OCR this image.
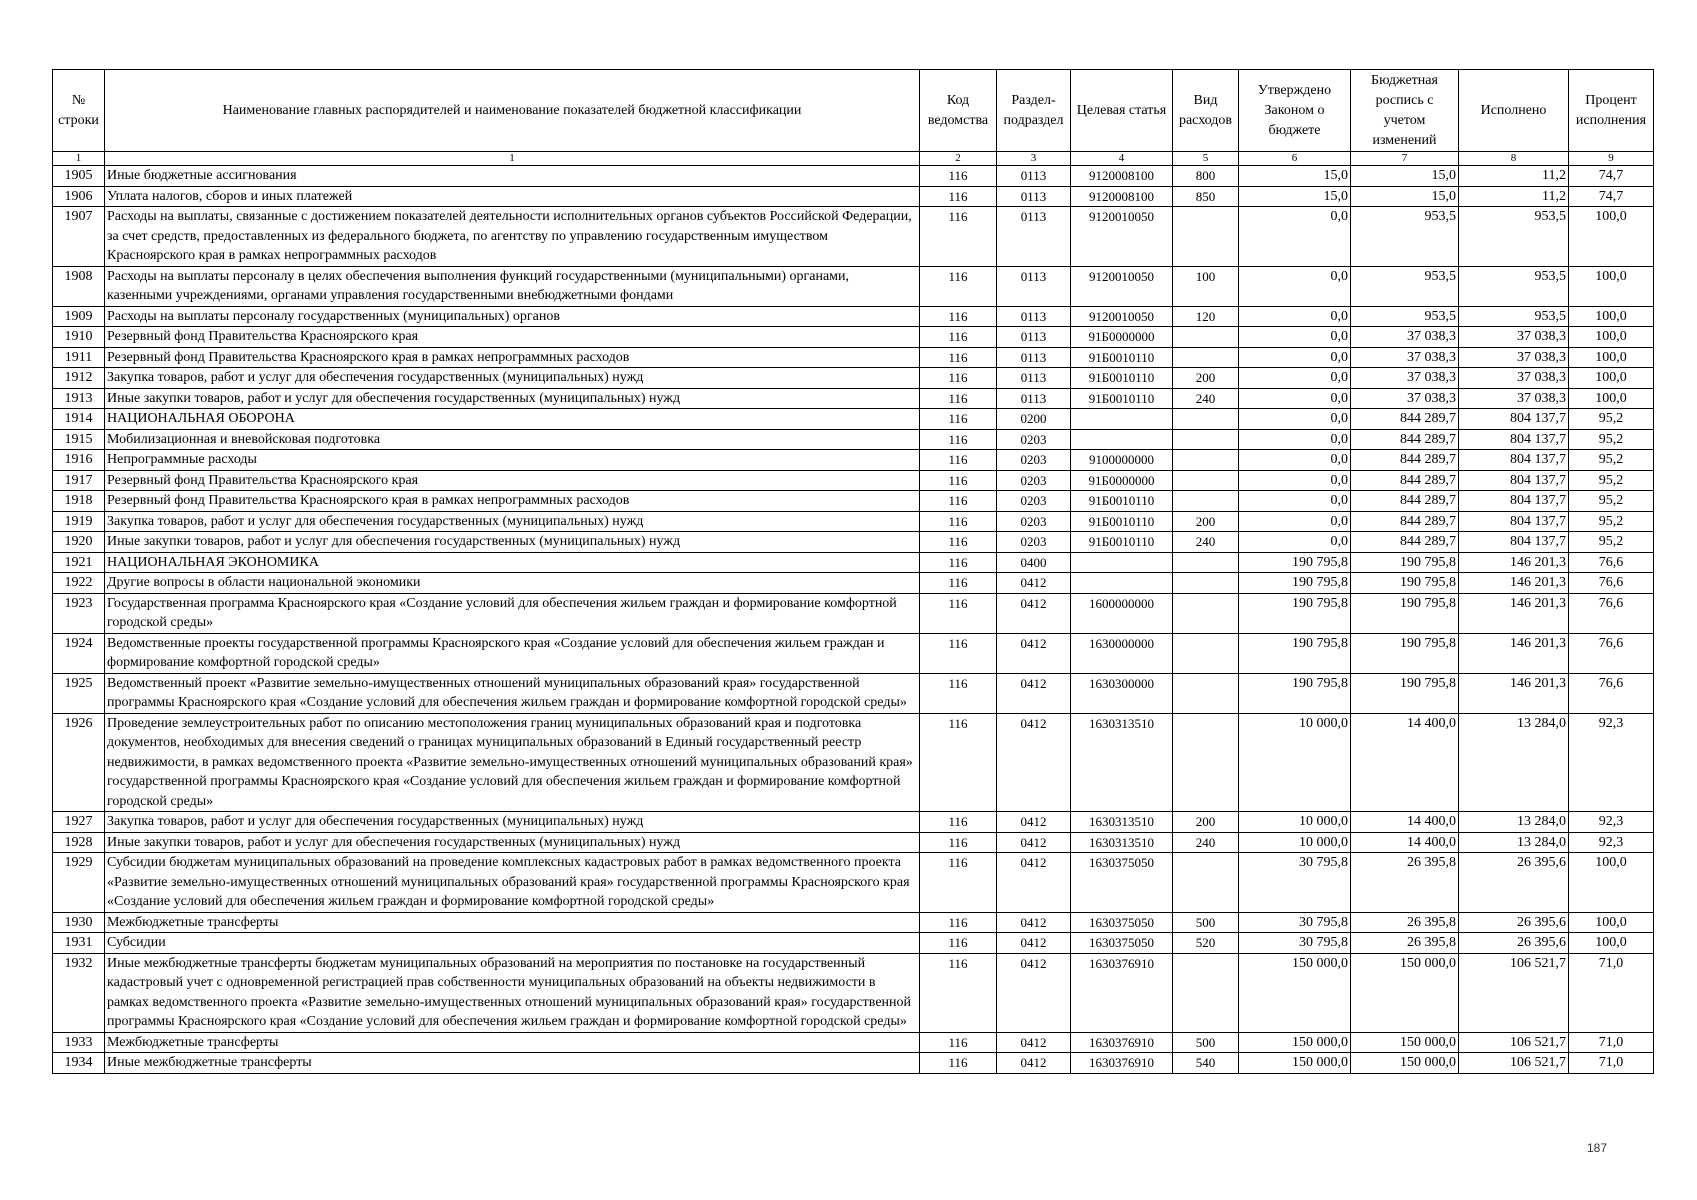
№ строки	Наименование главных распорядителей и наименование показателей бюджетной классификации	Код ведомства	Раздел-подраздел	Целевая статья	Вид расходов	Утверждено Законом о бюджете	Бюджетная роспись с учетом изменений	Исполнено	Процент исполнения
1	1	2	3	4	5	6	7	8	9
1905	Иные бюджетные ассигнования	116	0113	9120008100	800	15,0	15,0	11,2	74,7
1906	Уплата налогов, сборов и иных платежей	116	0113	9120008100	850	15,0	15,0	11,2	74,7
1907	Расходы на выплаты, связанные с достижением показателей деятельности исполнительных органов субъектов Российской Федерации, за счет средств, предоставленных из федерального бюджета, по агентству по управлению государственным имуществом Красноярского края в рамках непрограммных расходов	116	0113	9120010050		0,0	953,5	953,5	100,0
1908	Расходы на выплаты персоналу в целях обеспечения выполнения функций государственными (муниципальными) органами, казенными учреждениями, органами управления государственными внебюджетными фондами	116	0113	9120010050	100	0,0	953,5	953,5	100,0
1909	Расходы на выплаты персоналу государственных (муниципальных) органов	116	0113	9120010050	120	0,0	953,5	953,5	100,0
1910	Резервный фонд Правительства Красноярского края	116	0113	91Б0000000		0,0	37 038,3	37 038,3	100,0
1911	Резервный фонд Правительства Красноярского края в рамках непрограммных расходов	116	0113	91Б0010110		0,0	37 038,3	37 038,3	100,0
1912	Закупка товаров, работ и услуг для обеспечения государственных (муниципальных) нужд	116	0113	91Б0010110	200	0,0	37 038,3	37 038,3	100,0
1913	Иные закупки товаров, работ и услуг для обеспечения государственных (муниципальных) нужд	116	0113	91Б0010110	240	0,0	37 038,3	37 038,3	100,0
1914	НАЦИОНАЛЬНАЯ ОБОРОНА	116	0200			0,0	844 289,7	804 137,7	95,2
1915	Мобилизационная и вневойсковая подготовка	116	0203			0,0	844 289,7	804 137,7	95,2
1916	Непрограммные расходы	116	0203	9100000000		0,0	844 289,7	804 137,7	95,2
1917	Резервный фонд Правительства Красноярского края	116	0203	91Б0000000		0,0	844 289,7	804 137,7	95,2
1918	Резервный фонд Правительства Красноярского края в рамках непрограммных расходов	116	0203	91Б0010110		0,0	844 289,7	804 137,7	95,2
1919	Закупка товаров, работ и услуг для обеспечения государственных (муниципальных) нужд	116	0203	91Б0010110	200	0,0	844 289,7	804 137,7	95,2
1920	Иные закупки товаров, работ и услуг для обеспечения государственных (муниципальных) нужд	116	0203	91Б0010110	240	0,0	844 289,7	804 137,7	95,2
1921	НАЦИОНАЛЬНАЯ ЭКОНОМИКА	116	0400			190 795,8	190 795,8	146 201,3	76,6
1922	Другие вопросы в области национальной экономики	116	0412			190 795,8	190 795,8	146 201,3	76,6
1923	Государственная программа Красноярского края «Создание условий для обеспечения жильем граждан и формирование комфортной городской среды»	116	0412	1600000000		190 795,8	190 795,8	146 201,3	76,6
1924	Ведомственные проекты государственной программы Красноярского края «Создание условий для обеспечения жильем граждан и формирование комфортной городской среды»	116	0412	1630000000		190 795,8	190 795,8	146 201,3	76,6
1925	Ведомственный проект «Развитие земельно-имущественных отношений муниципальных образований края» государственной программы Красноярского края «Создание условий для обеспечения жильем граждан и формирование комфортной городской среды»	116	0412	1630300000		190 795,8	190 795,8	146 201,3	76,6
1926	Проведение землеустроительных работ по описанию местоположения границ муниципальных образований края и подготовка документов, необходимых для внесения сведений о границах муниципальных образований в Единый государственный реестр недвижимости, в рамках ведомственного проекта «Развитие земельно-имущественных отношений муниципальных образований края» государственной программы Красноярского края «Создание условий для обеспечения жильем граждан и формирование комфортной городской среды»	116	0412	1630313510		10 000,0	14 400,0	13 284,0	92,3
1927	Закупка товаров, работ и услуг для обеспечения государственных (муниципальных) нужд	116	0412	1630313510	200	10 000,0	14 400,0	13 284,0	92,3
1928	Иные закупки товаров, работ и услуг для обеспечения государственных (муниципальных) нужд	116	0412	1630313510	240	10 000,0	14 400,0	13 284,0	92,3
1929	Субсидии бюджетам муниципальных образований на проведение комплексных кадастровых работ в рамках ведомственного проекта «Развитие земельно-имущественных отношений муниципальных образований края» государственной программы Красноярского края «Создание условий для обеспечения жильем граждан и формирование комфортной городской среды»	116	0412	1630375050		30 795,8	26 395,8	26 395,6	100,0
1930	Межбюджетные трансферты	116	0412	1630375050	500	30 795,8	26 395,8	26 395,6	100,0
1931	Субсидии	116	0412	1630375050	520	30 795,8	26 395,8	26 395,6	100,0
1932	Иные межбюджетные трансферты бюджетам муниципальных образований на мероприятия по постановке на государственный кадастровый учет с одновременной регистрацией прав собственности муниципальных образований на объекты недвижимости в рамках ведомственного проекта «Развитие земельно-имущественных отношений муниципальных образований края» государственной программы Красноярского края «Создание условий для обеспечения жильем граждан и формирование комфортной городской среды»	116	0412	1630376910		150 000,0	150 000,0	106 521,7	71,0
1933	Межбюджетные трансферты	116	0412	1630376910	500	150 000,0	150 000,0	106 521,7	71,0
1934	Иные межбюджетные трансферты	116	0412	1630376910	540	150 000,0	150 000,0	106 521,7	71,0
187
